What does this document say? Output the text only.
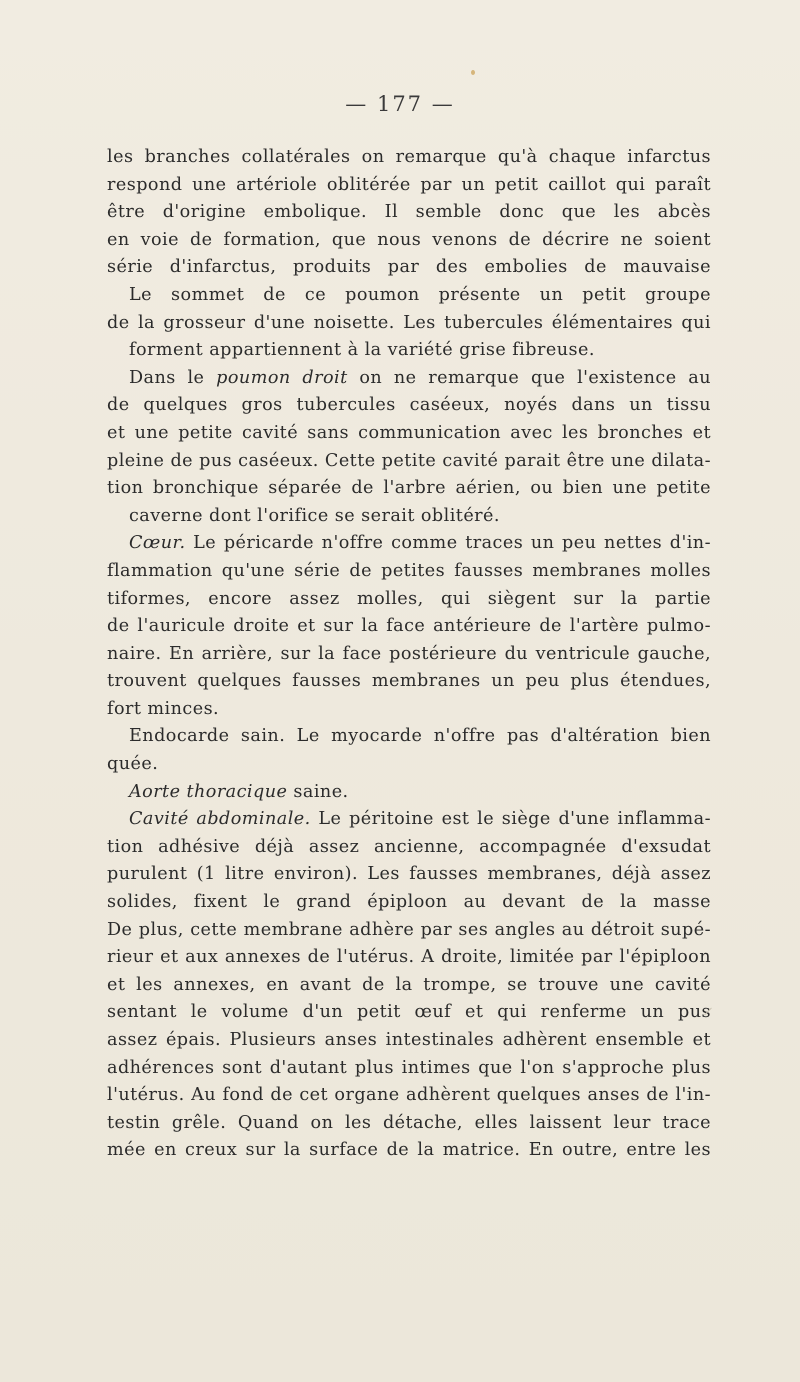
— 177 —
les branches collatérales on remarque qu'à chaque infarctus
respond une artériole oblitérée par un petit caillot qui paraît
être d'origine embolique. Il semble donc que les abcès
en voie de formation, que nous venons de décrire ne soient
série d'infarctus, produits par des embolies de mauvaise
Le sommet de ce poumon présente un petit groupe
de la grosseur d'une noisette. Les tubercules élémentaires qui
forment appartiennent à la variété grise fibreuse.
Dans le poumon droit on ne remarque que l'existence au
de quelques gros tubercules caséeux, noyés dans un tissu
et une petite cavité sans communication avec les bronches et
pleine de pus caséeux. Cette petite cavité parait être une dilata-
tion bronchique séparée de l'arbre aérien, ou bien une petite
caverne dont l'orifice se serait oblitéré.
Cœur. Le péricarde n'offre comme traces un peu nettes d'in-
flammation qu'une série de petites fausses membranes molles
tiformes, encore assez molles, qui siègent sur la partie
de l'auricule droite et sur la face antérieure de l'artère pulmo-
naire. En arrière, sur la face postérieure du ventricule gauche,
trouvent quelques fausses membranes un peu plus étendues,
fort minces.
Endocarde sain. Le myocarde n'offre pas d'altération bien
quée.
Aorte thoracique saine.
Cavité abdominale. Le péritoine est le siège d'une inflamma-
tion adhésive déjà assez ancienne, accompagnée d'exsudat
purulent (1 litre environ). Les fausses membranes, déjà assez
solides, fixent le grand épiploon au devant de la masse
De plus, cette membrane adhère par ses angles au détroit supé-
rieur et aux annexes de l'utérus. A droite, limitée par l'épiploon
et les annexes, en avant de la trompe, se trouve une cavité
sentant le volume d'un petit œuf et qui renferme un pus
assez épais. Plusieurs anses intestinales adhèrent ensemble et
adhérences sont d'autant plus intimes que l'on s'approche plus
l'utérus. Au fond de cet organe adhèrent quelques anses de l'in-
testin grêle. Quand on les détache, elles laissent leur trace
mée en creux sur la surface de la matrice. En outre, entre les
